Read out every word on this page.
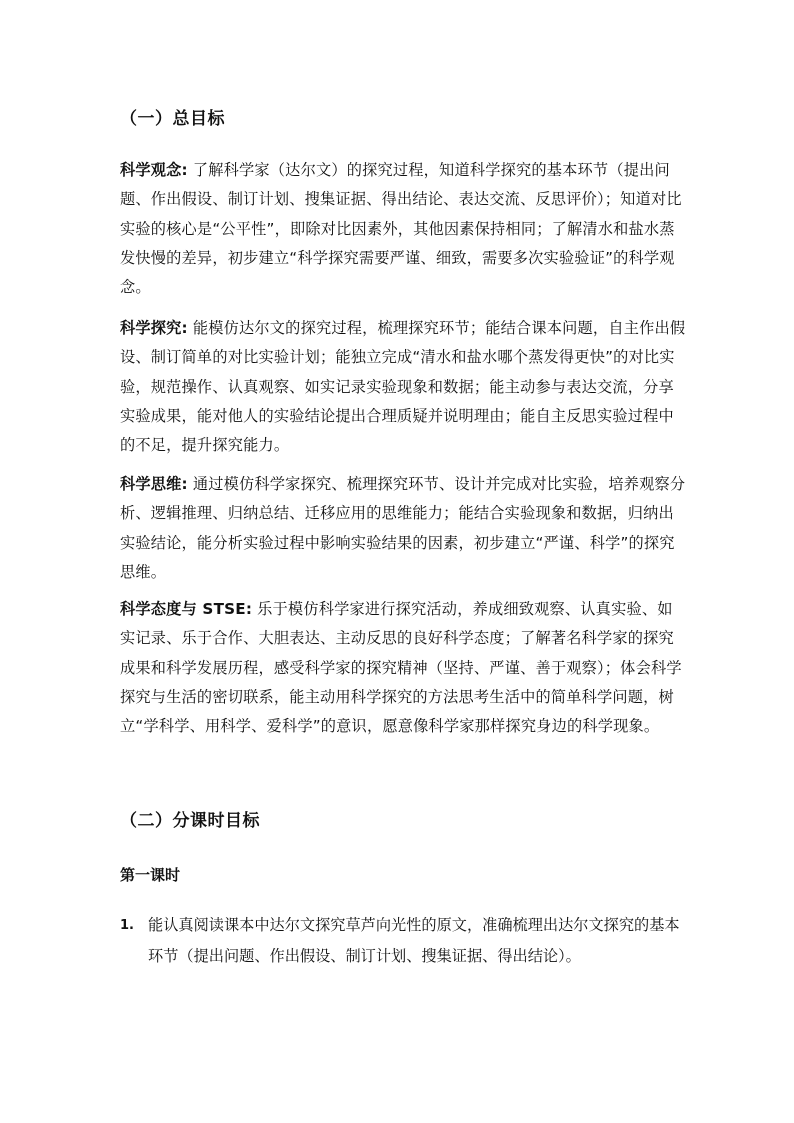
（一）总目标
科学观念: 了解科学家（达尔文）的探究过程，知道科学探究的基本环节（提出问题、作出假设、制订计划、搜集证据、得出结论、表达交流、反思评价）；知道对比实验的核心是“公平性”，即除对比因素外，其他因素保持相同；了解清水和盐水蒸发快慢的差异，初步建立“科学探究需要严谨、细致，需要多次实验验证”的科学观念。
科学探究: 能模仿达尔文的探究过程，梳理探究环节；能结合课本问题，自主作出假设、制订简单的对比实验计划；能独立完成“清水和盐水哪个蒸发得更快”的对比实验，规范操作、认真观察、如实记录实验现象和数据；能主动参与表达交流，分享实验成果，能对他人的实验结论提出合理质疑并说明理由；能自主反思实验过程中的不足，提升探究能力。
科学思维: 通过模仿科学家探究、梳理探究环节、设计并完成对比实验，培养观察分析、逻辑推理、归纳总结、迁移应用的思维能力；能结合实验现象和数据，归纳出实验结论，能分析实验过程中影响实验结果的因素，初步建立“严谨、科学”的探究思维。
科学态度与 STSE: 乐于模仿科学家进行探究活动，养成细致观察、认真实验、如实记录、乐于合作、大胆表达、主动反思的良好科学态度；了解著名科学家的探究成果和科学发展历程，感受科学家的探究精神（坚持、严谨、善于观察）；体会科学探究与生活的密切联系，能主动用科学探究的方法思考生活中的简单科学问题，树立“学科学、用科学、爱科学”的意识，愿意像科学家那样探究身边的科学现象。
（二）分课时目标
第一课时
1. 能认真阅读课本中达尔文探究草芦向光性的原文，准确梳理出达尔文探究的基本环节（提出问题、作出假设、制订计划、搜集证据、得出结论）。
